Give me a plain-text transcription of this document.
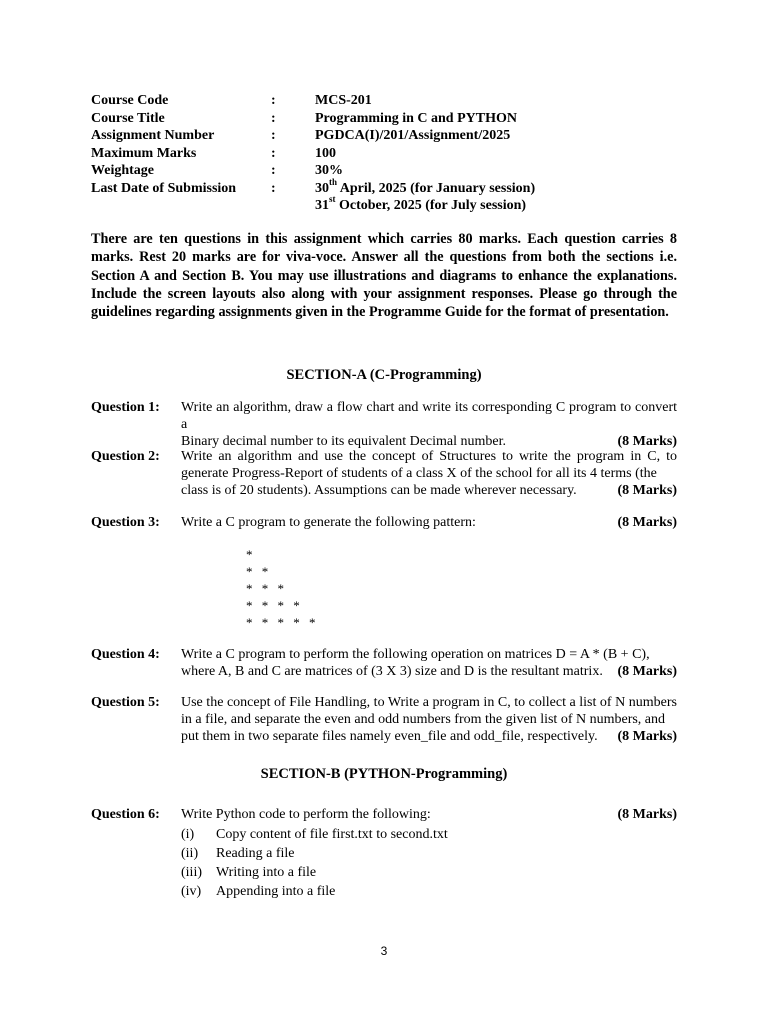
Course Code	:	MCS-201
Course Title	:	Programming in C and PYTHON
Assignment Number	:	PGDCA(I)/201/Assignment/2025
Maximum Marks	:	100
Weightage	:	30%
Last Date of Submission	:	30th April, 2025 (for January session)
31st October, 2025 (for July session)
There are ten questions in this assignment which carries 80 marks. Each question carries 8 marks. Rest 20 marks are for viva-voce. Answer all the questions from both the sections i.e. Section A and Section B. You may use illustrations and diagrams to enhance the explanations. Include the screen layouts also along with your assignment responses. Please go through the guidelines regarding assignments given in the Programme Guide for the format of presentation.
SECTION-A (C-Programming)
Question 1:	Write an algorithm, draw a flow chart and write its corresponding C program to convert a
Binary decimal number to its equivalent Decimal number.	(8 Marks)
Question 2:	Write an algorithm and use the concept of Structures to write the program in C, to generate Progress-Report of students of a class X of the school for all its 4 terms (the
class is of 20 students). Assumptions can be made wherever necessary.	(8 Marks)
Question 3:	Write a C program to generate the following pattern:	(8 Marks)
*
* *
* * *
* * * *
* * * * *
Question 4:	Write a C program to perform the following operation on matrices D = A * (B + C),
where A, B and C are matrices of (3 X 3) size and D is the resultant matrix. (8 Marks)
Question 5:	Use the concept of File Handling, to Write a program in C, to collect a list of N numbers in a file, and separate the even and odd numbers from the given list of N numbers, and
put them in two separate files namely even_file and odd_file, respectively. (8 Marks)
SECTION-B (PYTHON-Programming)
Question 6:	Write Python code to perform the following:	(8 Marks)
(i)	Copy content of file first.txt to second.txt
(ii)	Reading a file
(iii)	Writing into a file
(iv)	Appending into a file
3
